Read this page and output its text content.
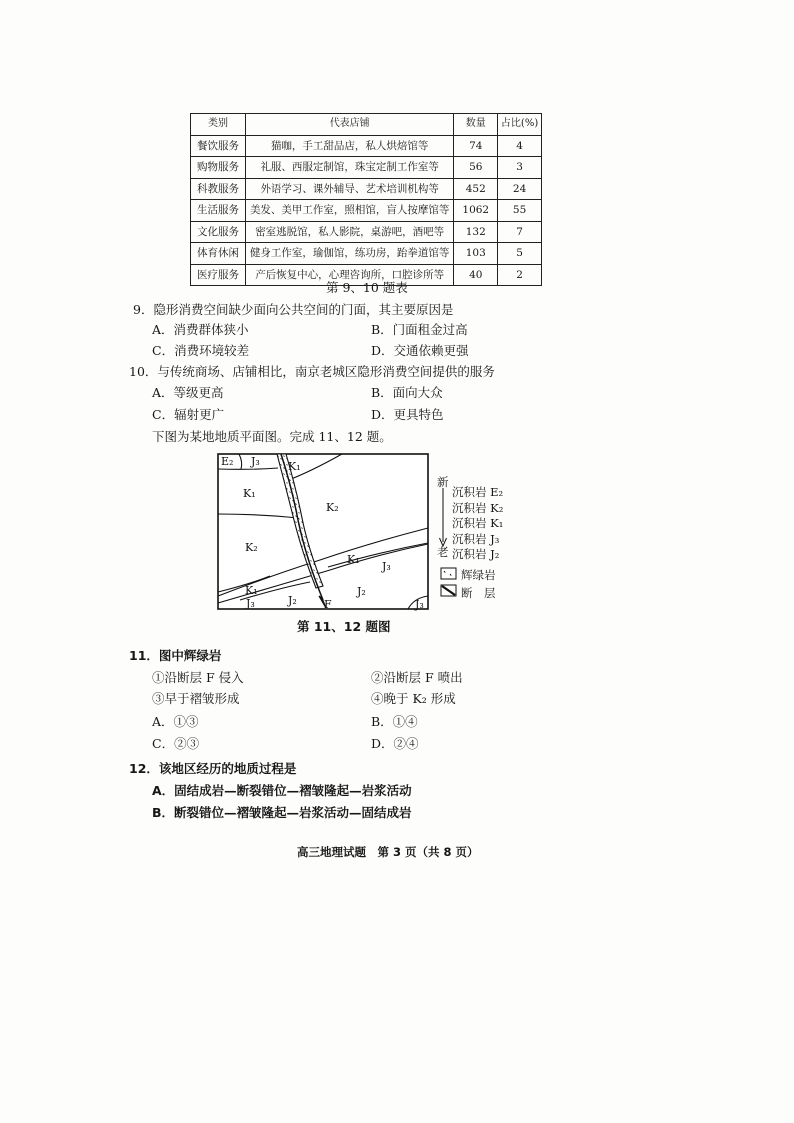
类别	代表店铺	数量	占比(%)
餐饮服务	猫咖，手工甜品店，私人烘焙馆等	74	4
购物服务	礼服、西服定制馆，珠宝定制工作室等	56	3
科教服务	外语学习、课外辅导、艺术培训机构等	452	24
生活服务	美发、美甲工作室，照相馆，盲人按摩馆等	1062	55
文化服务	密室逃脱馆，私人影院，桌游吧，酒吧等	132	7
体育休闲	健身工作室，瑜伽馆，练功房，跆拳道馆等	103	5
医疗服务	产后恢复中心，心理咨询所，口腔诊所等	40	2
第 9、10 题表
9．隐形消费空间缺少面向公共空间的门面，其主要原因是
A．消费群体狭小	B．门面租金过高
C．消费环境较差	D．交通依赖更强
10．与传统商场、店铺相比，南京老城区隐形消费空间提供的服务
A．等级更高	B．面向大众
C．辐射更广	D．更具特色
下图为某地地质平面图。完成 11、12 题。
E₂ J₃	K₁
K₁
K₂
K₂
K₁
J₃
K₁
J₃	J₂
J₂
J₃
F
新
老
沉积岩 E₂
沉积岩 K₂
沉积岩 K₁
沉积岩 J₃
沉积岩 J₂
辉绿岩
断　层
第 11、12 题图
11．图中辉绿岩
①沿断层 F 侵入	②沿断层 F 喷出
③早于褶皱形成	④晚于 K₂ 形成
A．①③	B．①④
C．②③	D．②④
12．该地区经历的地质过程是
A．固结成岩—断裂错位—褶皱隆起—岩浆活动
B．断裂错位—褶皱隆起—岩浆活动—固结成岩
高三地理试题　第 3 页（共 8 页）
